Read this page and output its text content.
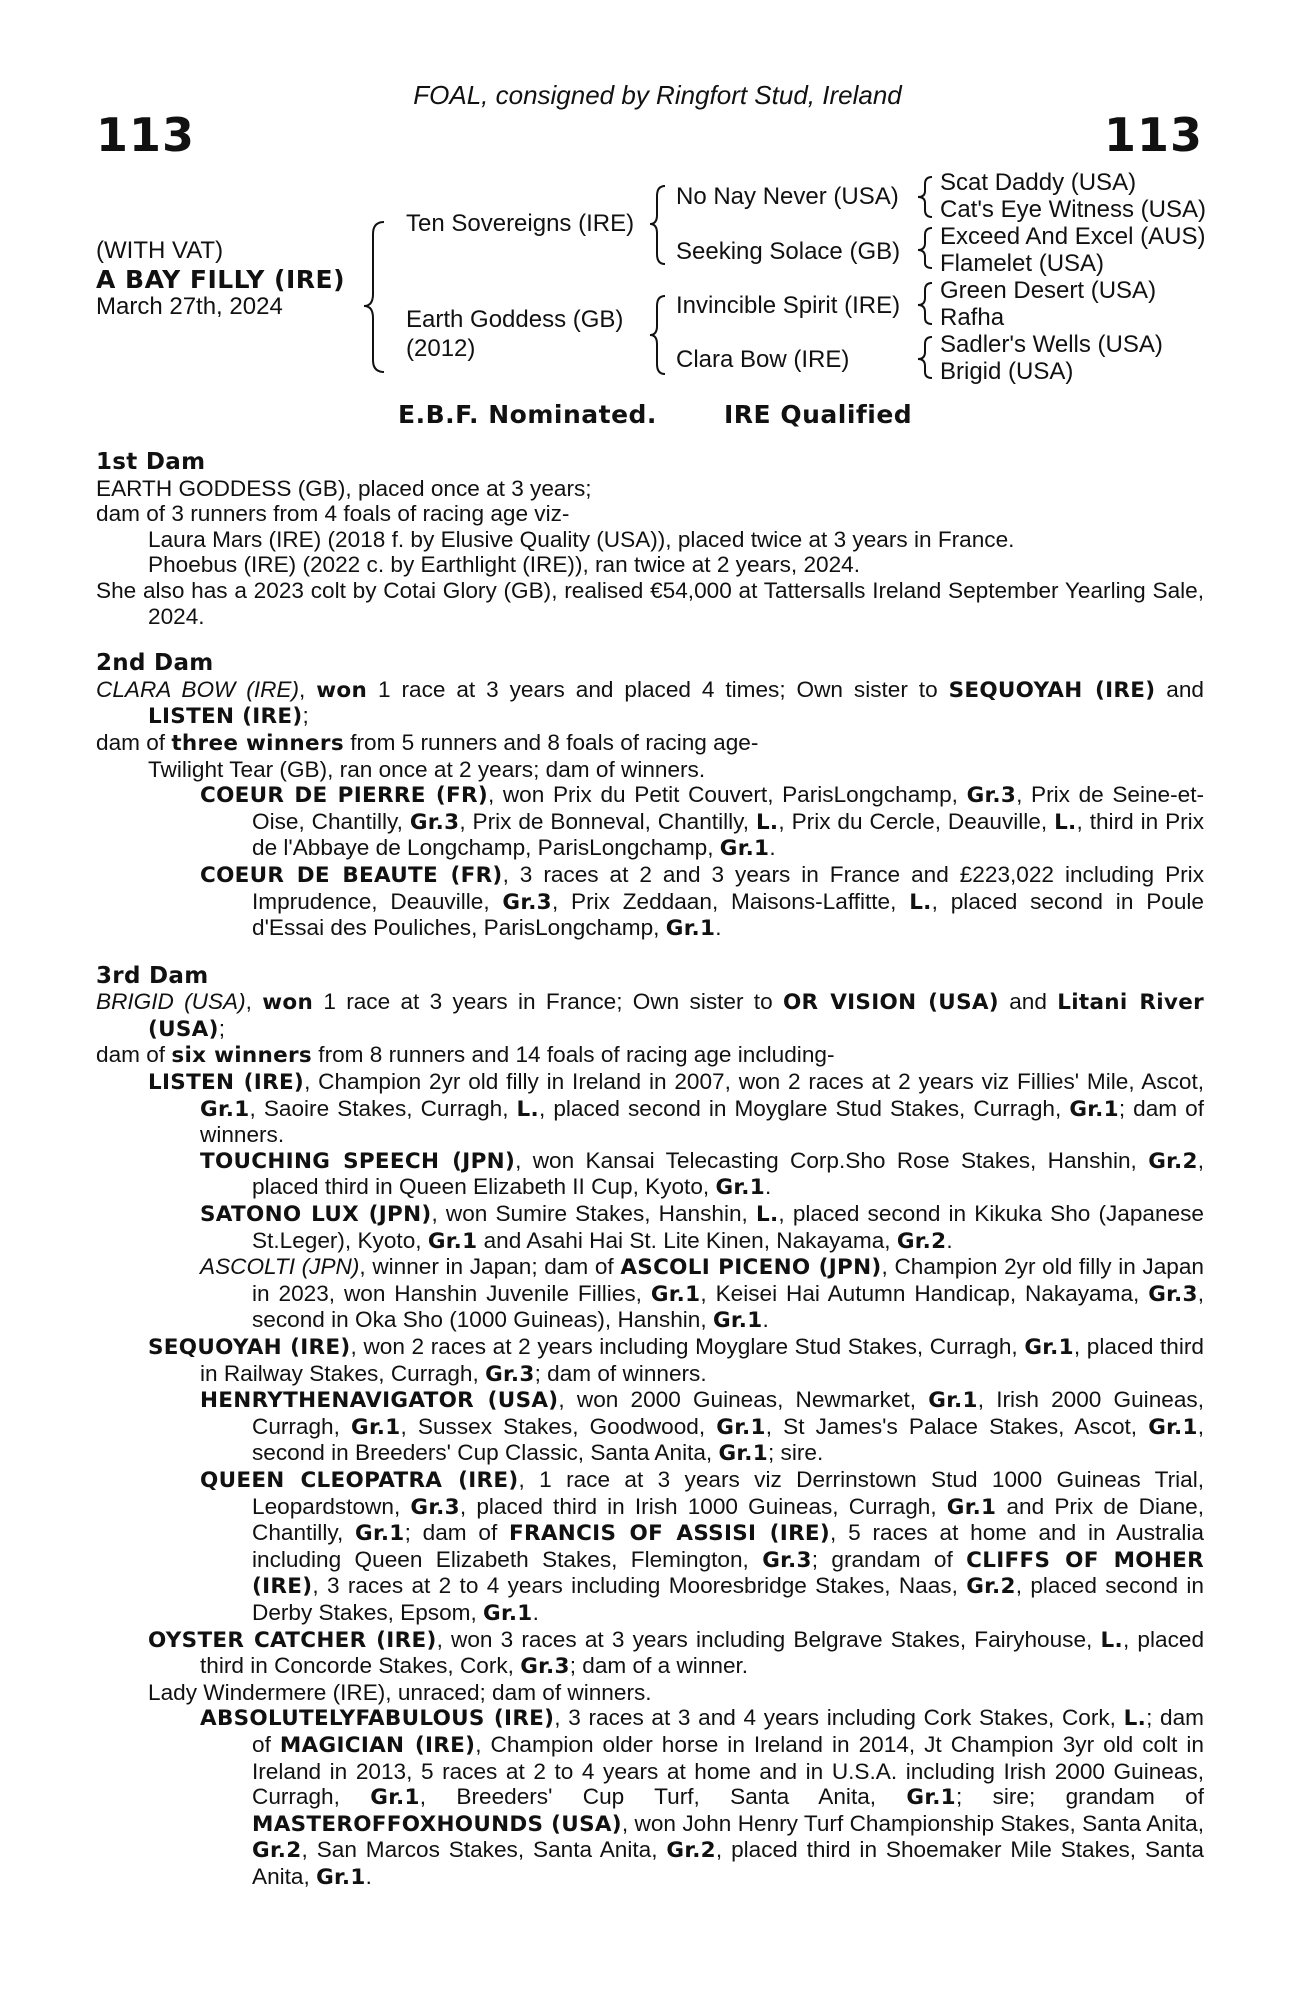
113	113
FOAL, consigned by Ringfort Stud, Ireland
(WITH VAT)
A BAY FILLY (IRE)
March 27th, 2024
Ten Sovereigns (IRE)
Earth Goddess (GB)
(2012)
No Nay Never (USA)
Seeking Solace (GB)
Invincible Spirit (IRE)
Clara Bow (IRE)
Scat Daddy (USA)
Cat's Eye Witness (USA)
Exceed And Excel (AUS)
Flamelet (USA)
Green Desert (USA)
Rafha
Sadler's Wells (USA)
Brigid (USA)
E.B.F. Nominated.	IRE Qualified
1st Dam
EARTH GODDESS (GB), placed once at 3 years;
dam of 3 runners from 4 foals of racing age viz-
Laura Mars (IRE) (2018 f. by Elusive Quality (USA)), placed twice at 3 years in France.
Phoebus (IRE) (2022 c. by Earthlight (IRE)), ran twice at 2 years, 2024.
She also has a 2023 colt by Cotai Glory (GB), realised €54,000 at Tattersalls Ireland September Yearling Sale, 2024.
2nd Dam
CLARA BOW (IRE), won 1 race at 3 years and placed 4 times; Own sister to SEQUOYAH (IRE) and LISTEN (IRE);
dam of three winners from 5 runners and 8 foals of racing age-
Twilight Tear (GB), ran once at 2 years; dam of winners.
COEUR DE PIERRE (FR), won Prix du Petit Couvert, ParisLongchamp, Gr.3, Prix de Seine-et-Oise, Chantilly, Gr.3, Prix de Bonneval, Chantilly, L., Prix du Cercle, Deauville, L., third in Prix de l'Abbaye de Longchamp, ParisLongchamp, Gr.1.
COEUR DE BEAUTE (FR), 3 races at 2 and 3 years in France and £223,022 including Prix Imprudence, Deauville, Gr.3, Prix Zeddaan, Maisons-Laffitte, L., placed second in Poule d'Essai des Pouliches, ParisLongchamp, Gr.1.
3rd Dam
BRIGID (USA), won 1 race at 3 years in France; Own sister to OR VISION (USA) and Litani River (USA);
dam of six winners from 8 runners and 14 foals of racing age including-
LISTEN (IRE), Champion 2yr old filly in Ireland in 2007, won 2 races at 2 years viz Fillies' Mile, Ascot, Gr.1, Saoire Stakes, Curragh, L., placed second in Moyglare Stud Stakes, Curragh, Gr.1; dam of winners.
TOUCHING SPEECH (JPN), won Kansai Telecasting Corp.Sho Rose Stakes, Hanshin, Gr.2, placed third in Queen Elizabeth II Cup, Kyoto, Gr.1.
SATONO LUX (JPN), won Sumire Stakes, Hanshin, L., placed second in Kikuka Sho (Japanese St.Leger), Kyoto, Gr.1 and Asahi Hai St. Lite Kinen, Nakayama, Gr.2.
ASCOLTI (JPN), winner in Japan; dam of ASCOLI PICENO (JPN), Champion 2yr old filly in Japan in 2023, won Hanshin Juvenile Fillies, Gr.1, Keisei Hai Autumn Handicap, Nakayama, Gr.3, second in Oka Sho (1000 Guineas), Hanshin, Gr.1.
SEQUOYAH (IRE), won 2 races at 2 years including Moyglare Stud Stakes, Curragh, Gr.1, placed third in Railway Stakes, Curragh, Gr.3; dam of winners.
HENRYTHENAVIGATOR (USA), won 2000 Guineas, Newmarket, Gr.1, Irish 2000 Guineas, Curragh, Gr.1, Sussex Stakes, Goodwood, Gr.1, St James's Palace Stakes, Ascot, Gr.1, second in Breeders' Cup Classic, Santa Anita, Gr.1; sire.
QUEEN CLEOPATRA (IRE), 1 race at 3 years viz Derrinstown Stud 1000 Guineas Trial, Leopardstown, Gr.3, placed third in Irish 1000 Guineas, Curragh, Gr.1 and Prix de Diane, Chantilly, Gr.1; dam of FRANCIS OF ASSISI (IRE), 5 races at home and in Australia including Queen Elizabeth Stakes, Flemington, Gr.3; grandam of CLIFFS OF MOHER (IRE), 3 races at 2 to 4 years including Mooresbridge Stakes, Naas, Gr.2, placed second in Derby Stakes, Epsom, Gr.1.
OYSTER CATCHER (IRE), won 3 races at 3 years including Belgrave Stakes, Fairyhouse, L., placed third in Concorde Stakes, Cork, Gr.3; dam of a winner.
Lady Windermere (IRE), unraced; dam of winners.
ABSOLUTELYFABULOUS (IRE), 3 races at 3 and 4 years including Cork Stakes, Cork, L.; dam of MAGICIAN (IRE), Champion older horse in Ireland in 2014, Jt Champion 3yr old colt in Ireland in 2013, 5 races at 2 to 4 years at home and in U.S.A. including Irish 2000 Guineas, Curragh, Gr.1, Breeders' Cup Turf, Santa Anita, Gr.1; sire; grandam of MASTEROFFOXHOUNDS (USA), won John Henry Turf Championship Stakes, Santa Anita, Gr.2, San Marcos Stakes, Santa Anita, Gr.2, placed third in Shoemaker Mile Stakes, Santa Anita, Gr.1.
